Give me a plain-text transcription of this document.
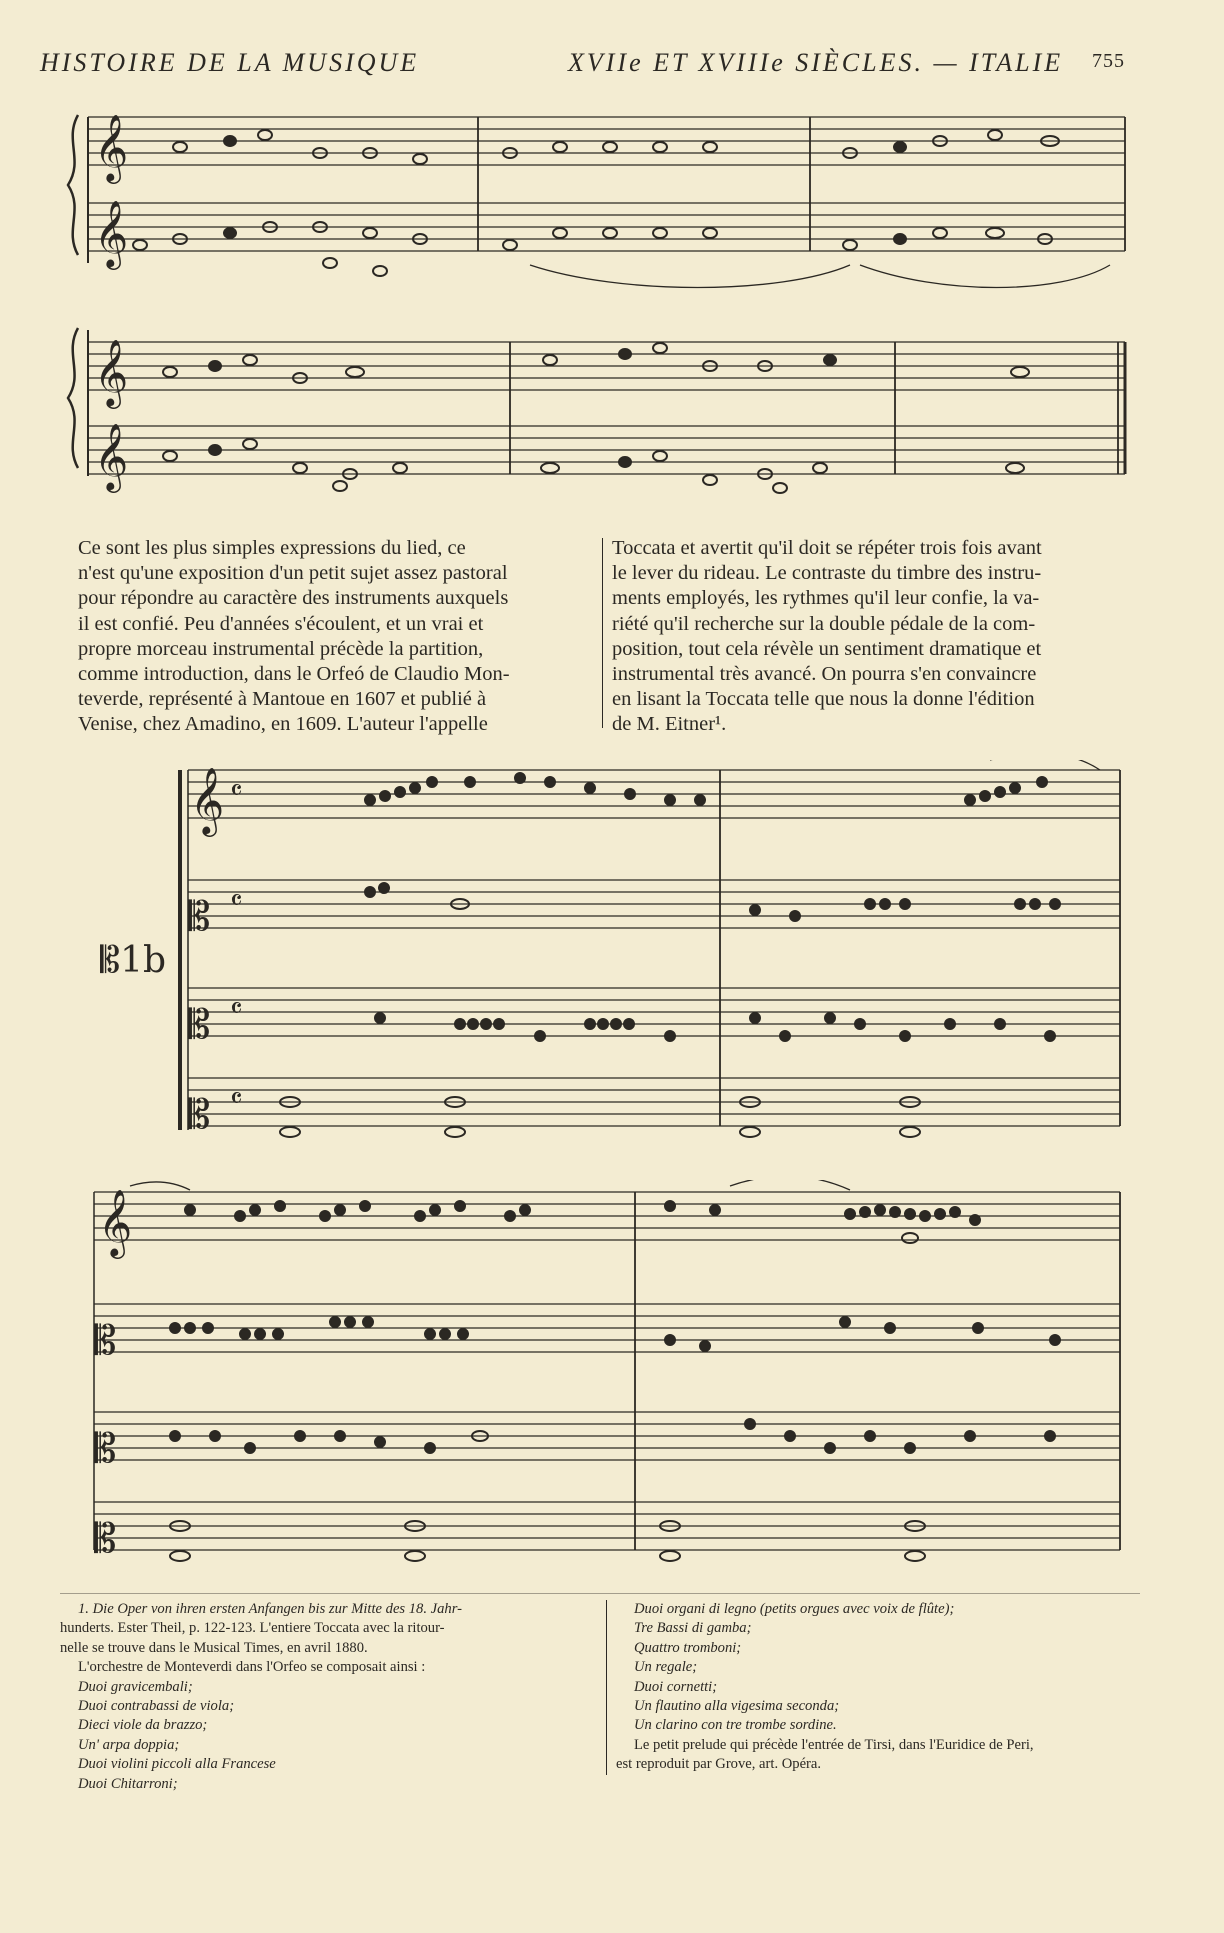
HISTOIRE DE LA MUSIQUE	XVIIe ET XVIIIe SIÈCLES. — ITALIE 755
𝄞
𝄞
𝄞
𝄞
Ce sont les plus simples expressions du lied, ce
n'est qu'une exposition d'un petit sujet assez pastoral
pour répondre au caractère des instruments auxquels
il est confié. Peu d'années s'écoulent, et un vrai et
propre morceau instrumental précède la partition,
comme introduction, dans le Orfeó de Claudio Mon-
teverde, représenté à Mantoue en 1607 et publié à
Venise, chez Amadino, en 1609. L'auteur l'appelle
Toccata et avertit qu'il doit se répéter trois fois avant
le lever du rideau. Le contraste du timbre des instru-
ments employés, les rythmes qu'il leur confie, la va-
riété qu'il recherche sur la double pédale de la com-
position, tout cela révèle un sentiment dramatique et
instrumental très avancé. On pourra s'en convaincre
en lisant la Toccata telle que nous la donne l'édition
de M. Eitner¹.
𝄡1b
𝄞 𝄴
𝄴
𝄴
𝄴
𝄡
𝄡
𝄡
𝄞
𝄡
𝄡
𝄡
1. Die Oper von ihren ersten Anfangen bis zur Mitte des 18. Jahr-
hunderts. Ester Theil, p. 122-123. L'entiere Toccata avec la ritour-
nelle se trouve dans le Musical Times, en avril 1880.
L'orchestre de Monteverdi dans l'Orfeo se composait ainsi :
Duoi gravicembali;
Duoi contrabassi de viola;
Dieci viole da brazzo;
Un' arpa doppia;
Duoi violini piccoli alla Francese
Duoi Chitarroni;
Duoi organi di legno (petits orgues avec voix de flûte);
Tre Bassi di gamba;
Quattro tromboni;
Un regale;
Duoi cornetti;
Un flautino alla vigesima seconda;
Un clarino con tre trombe sordine.
Le petit prelude qui précède l'entrée de Tirsi, dans l'Euridice de Peri,
est reproduit par Grove, art. Opéra.
